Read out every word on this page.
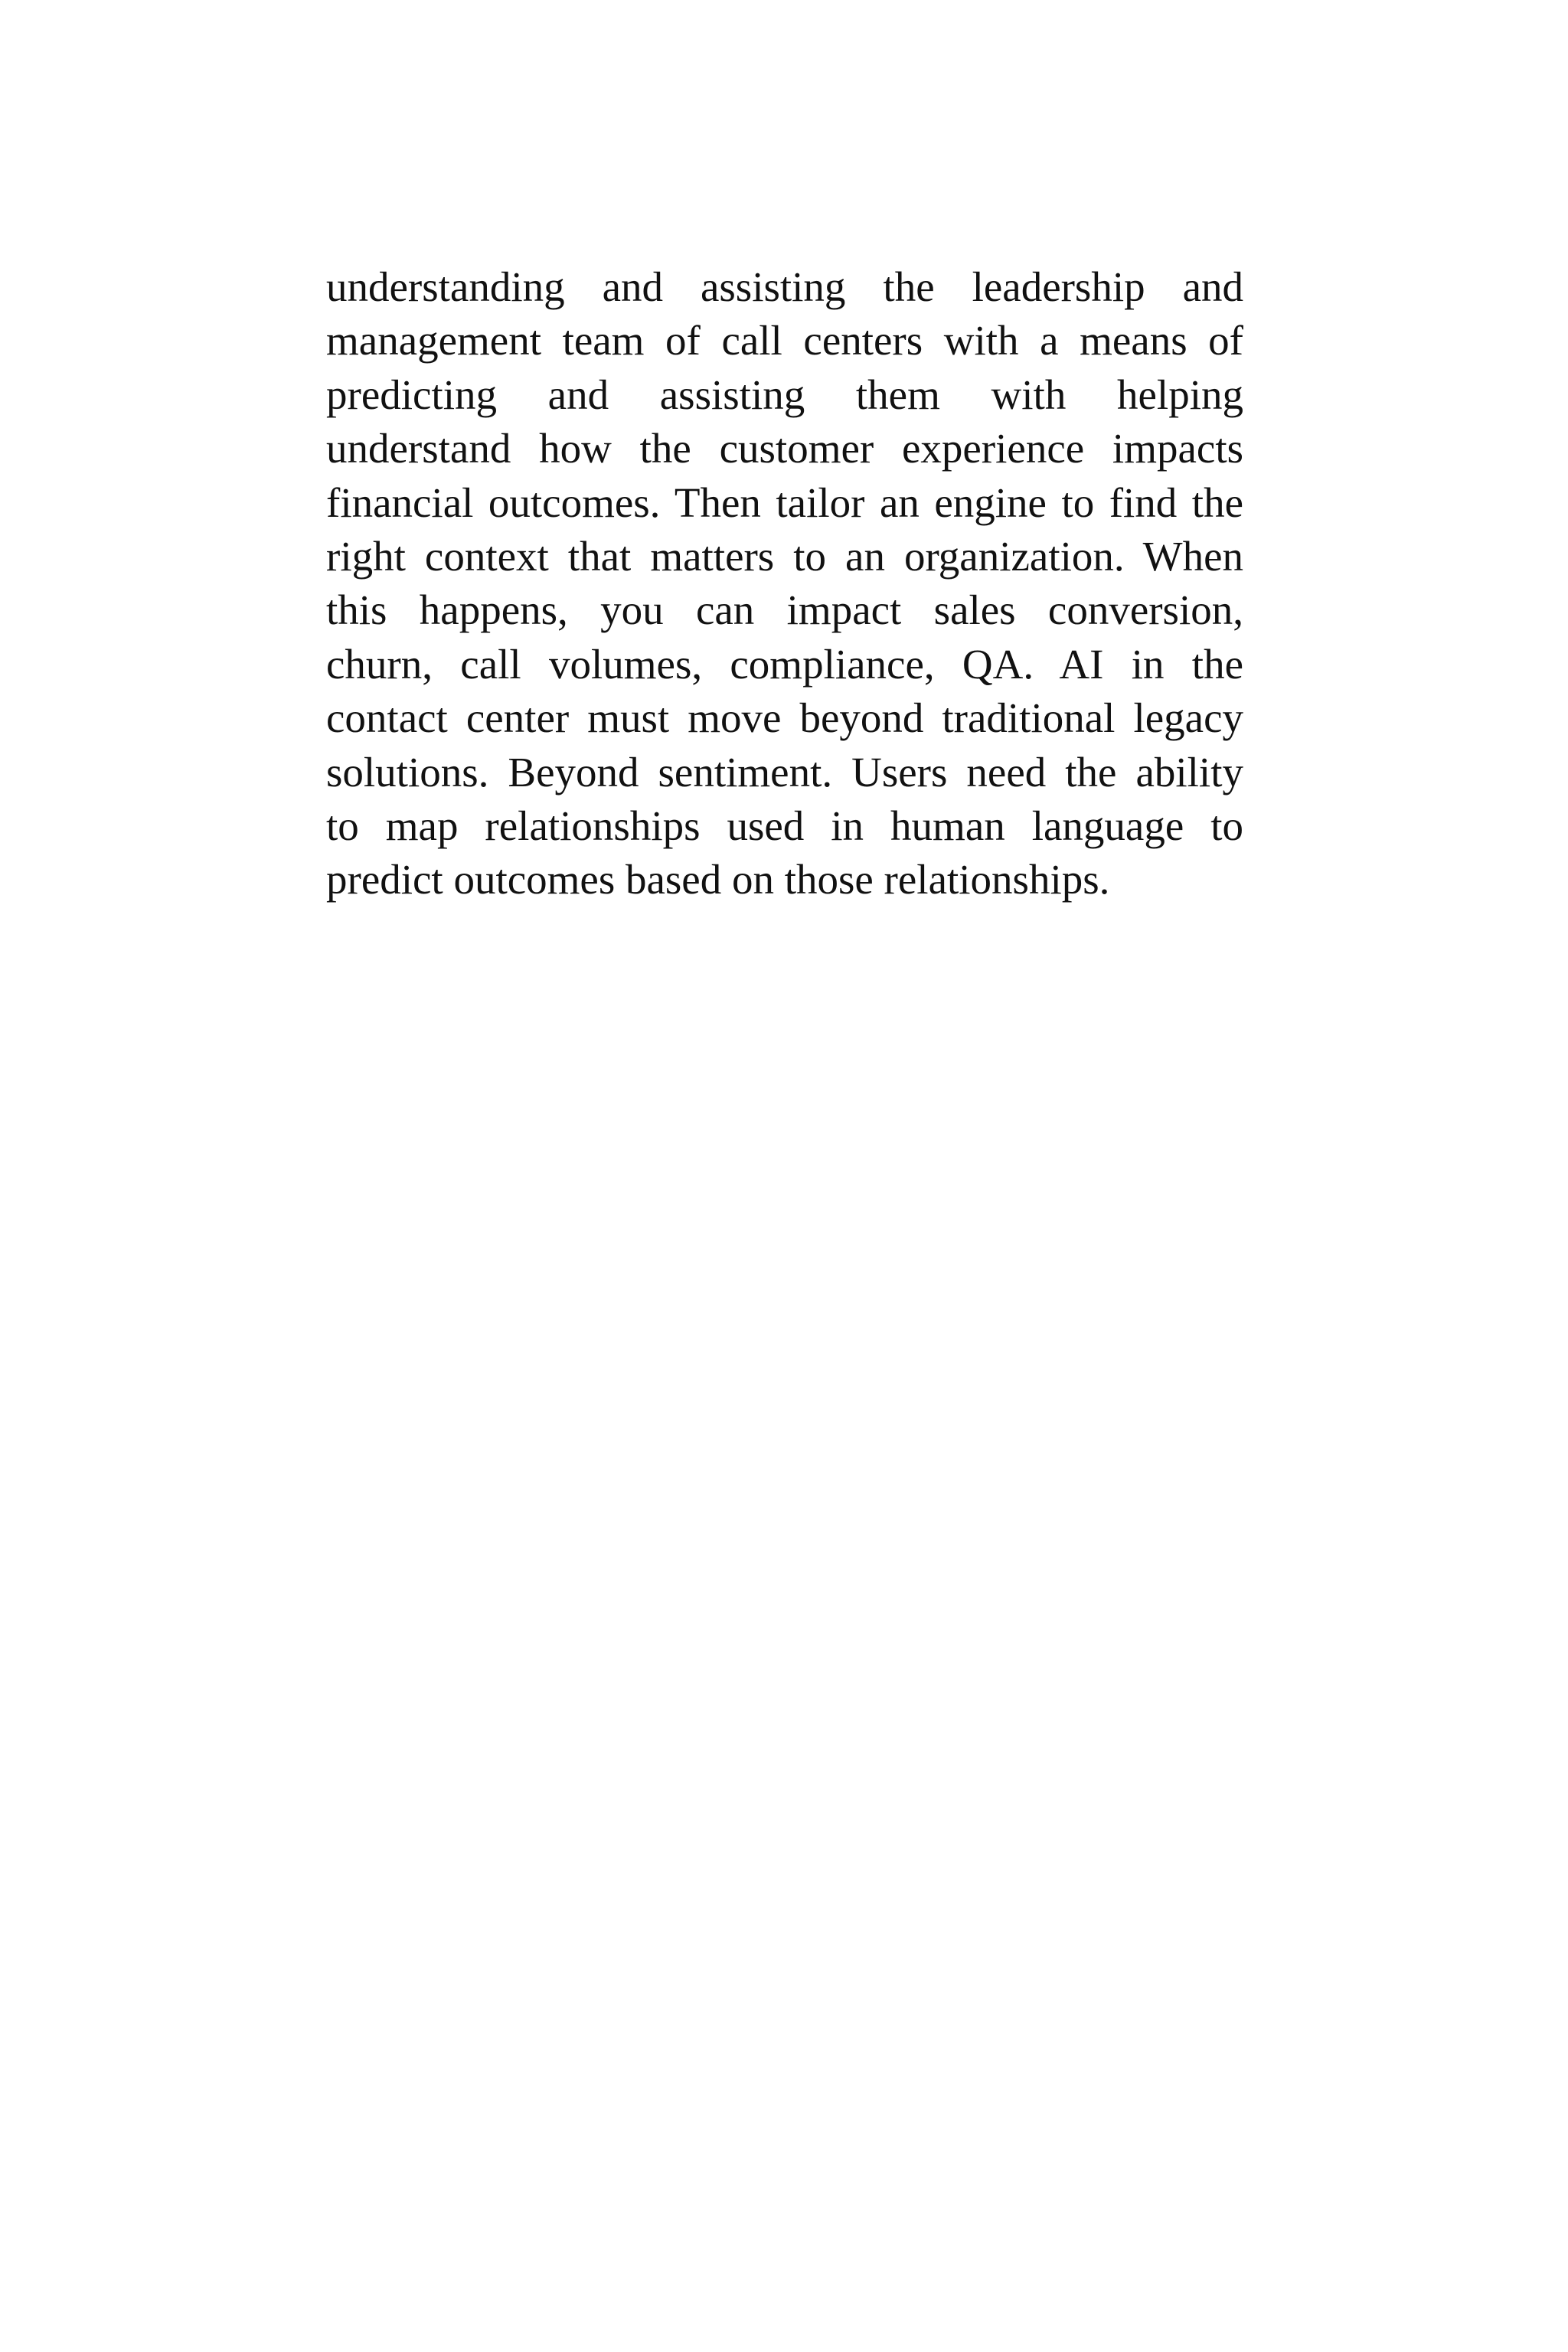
understanding and assisting the leadership and
management team of call centers with a means of
predicting and assisting them with helping
understand how the customer experience impacts
financial outcomes. Then tailor an engine to find the
right context that matters to an organization. When
this happens, you can impact sales conversion,
churn, call volumes, compliance, QA. AI in the
contact center must move beyond traditional legacy
solutions. Beyond sentiment. Users need the ability
to map relationships used in human language to
predict outcomes based on those relationships.
